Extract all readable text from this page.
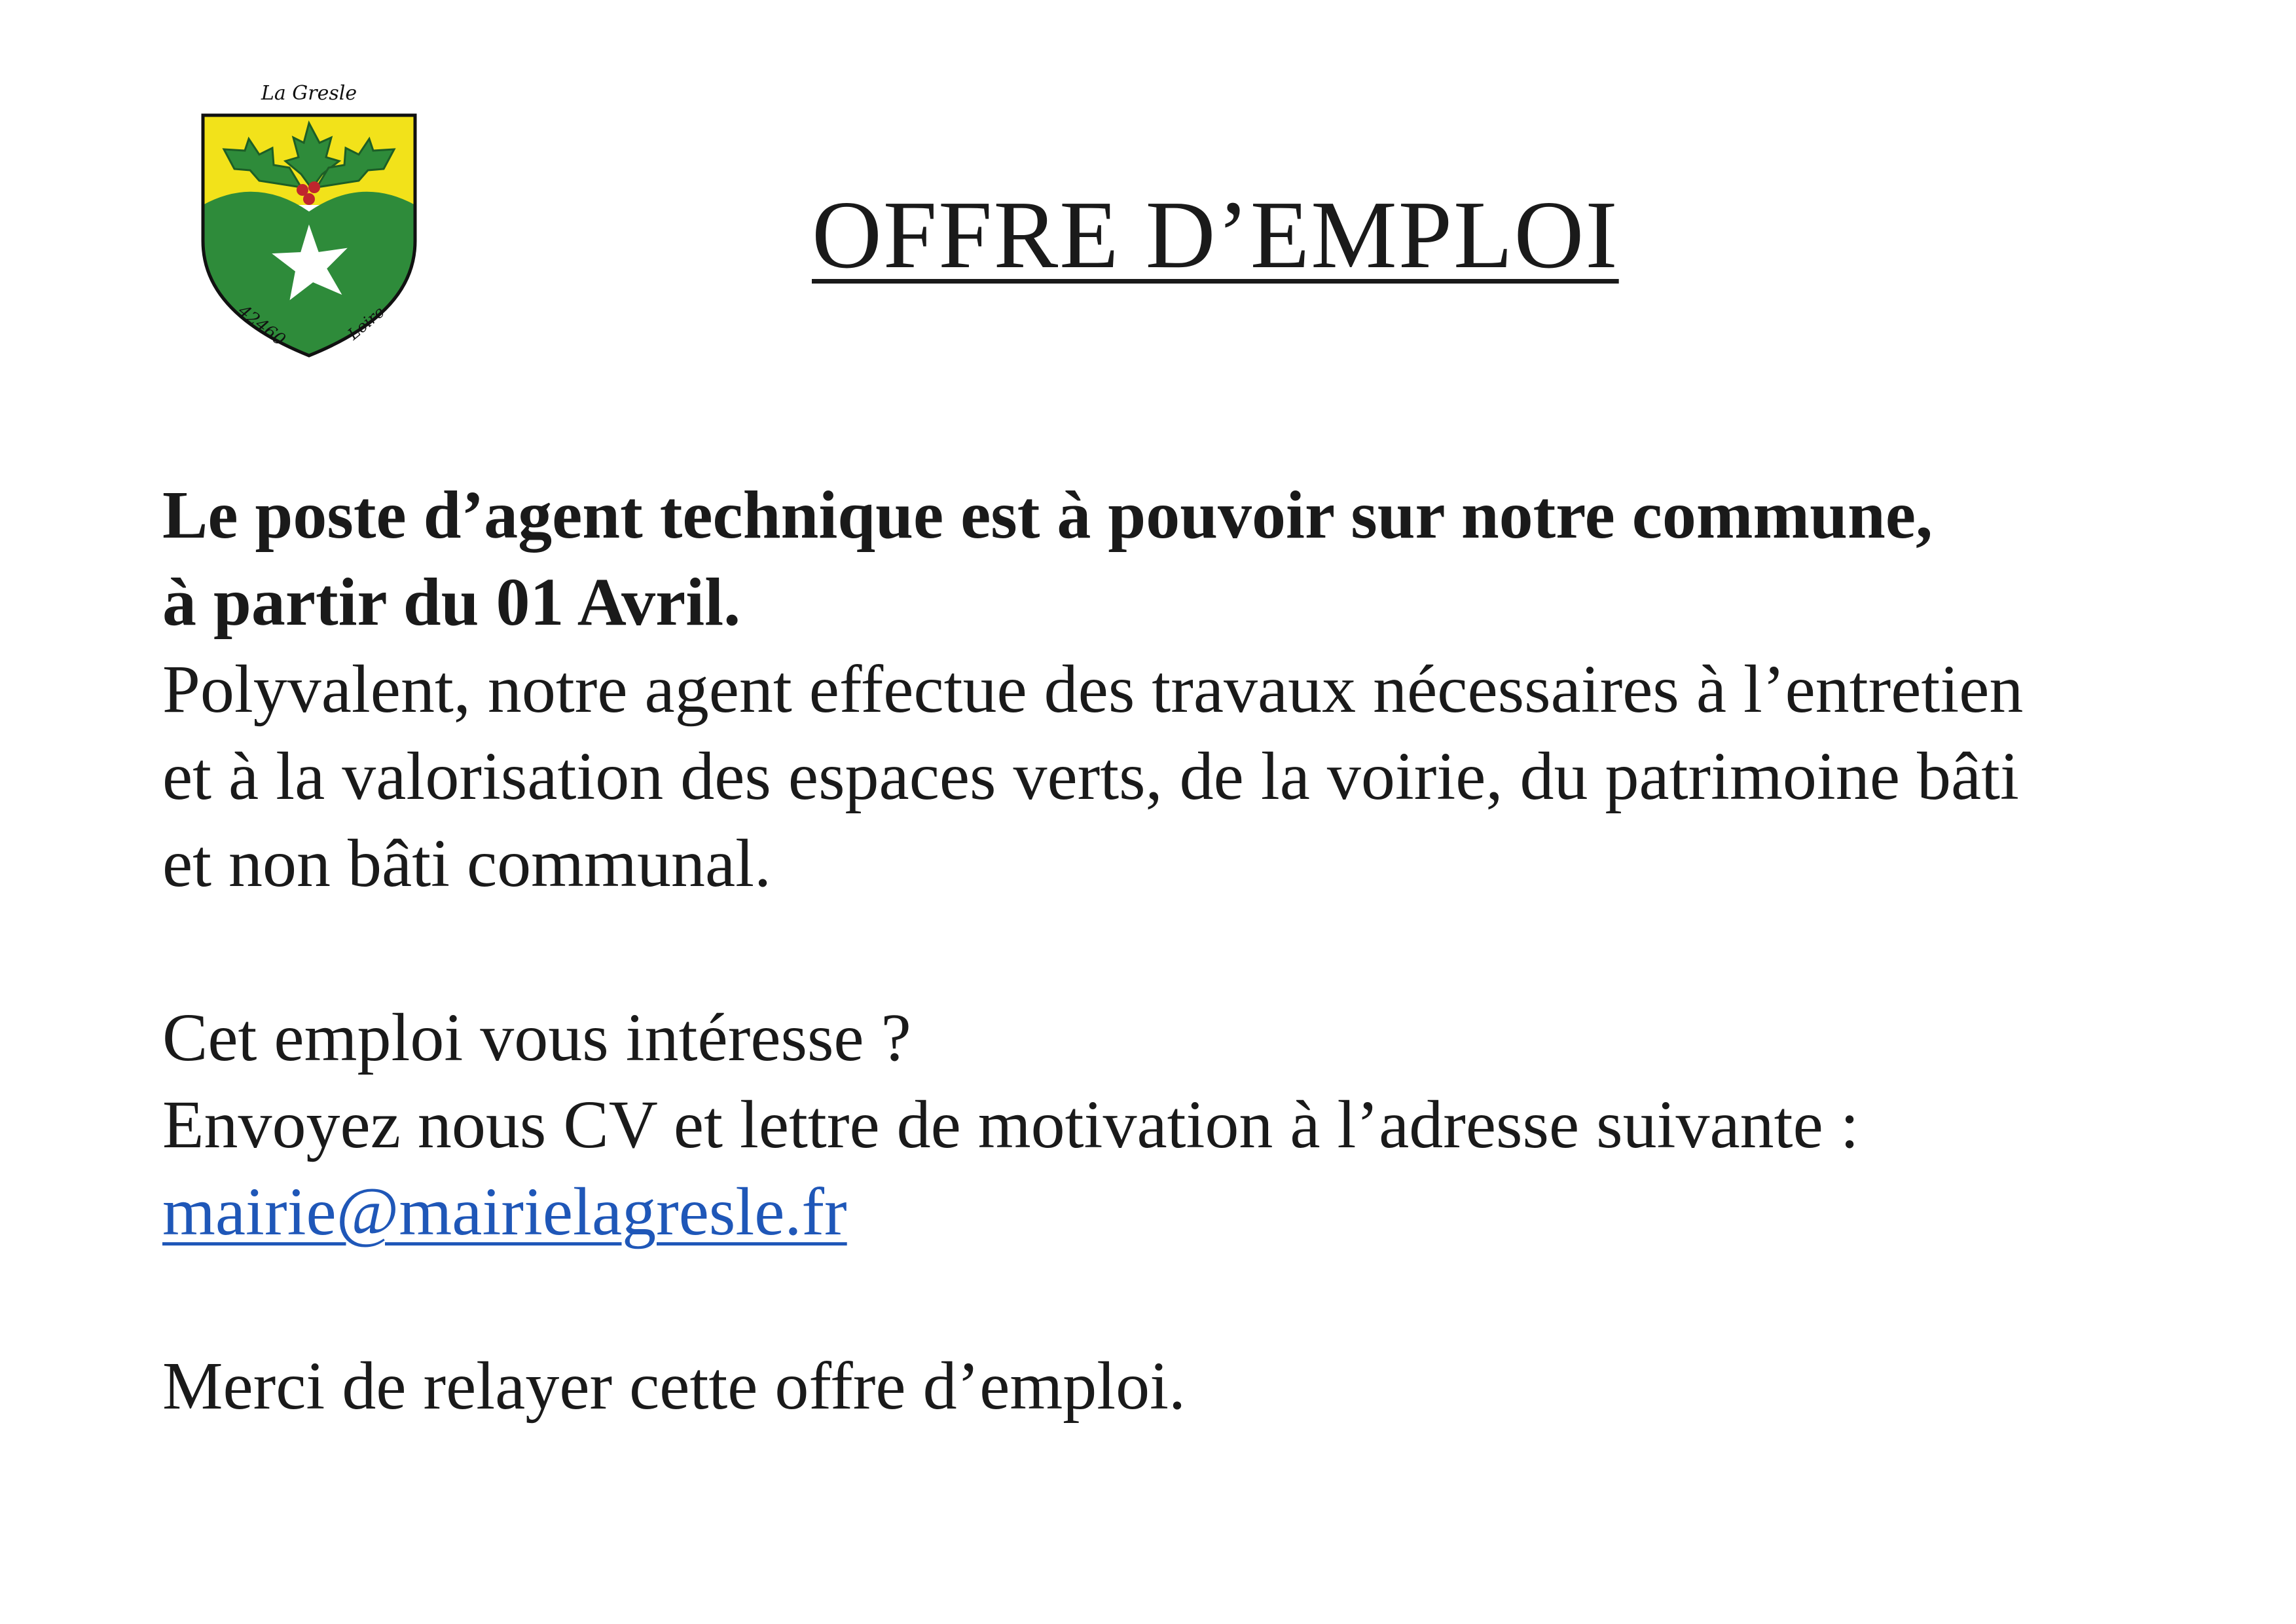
La Gresle
42460	Loire
OFFRE D’EMPLOI

Le poste d’agent technique est à pouvoir sur notre commune,

à partir du 01 Avril.

Polyvalent, notre agent effectue des travaux nécessaires à l’entretien

et à la valorisation des espaces verts, de la voirie, du patrimoine bâti

et non bâti communal.

Cet emploi vous intéresse ?

Envoyez nous CV et lettre de motivation à l’adresse suivante :

mairie@mairielagresle.fr

Merci de relayer cette offre d’emploi.
